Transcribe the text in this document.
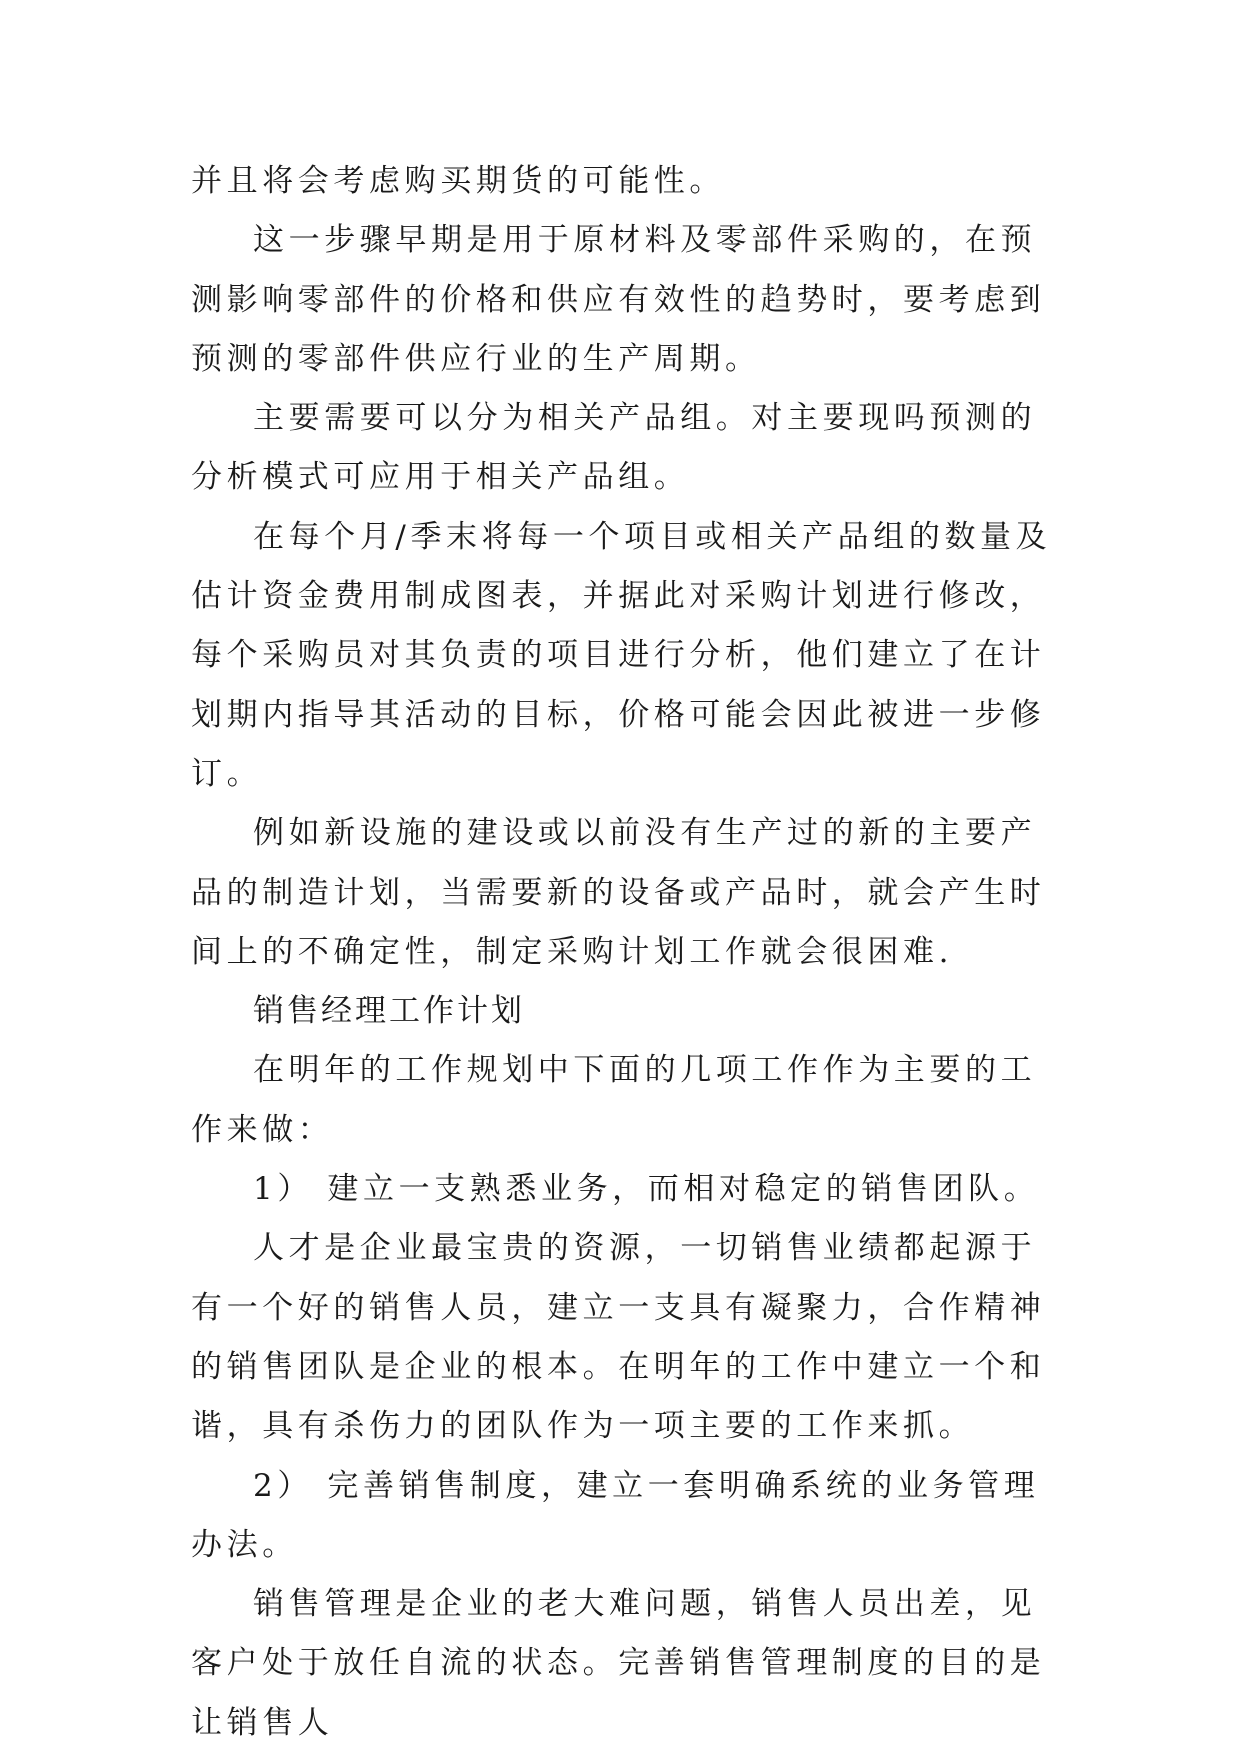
并且将会考虑购买期货的可能性。

这一步骤早期是用于原材料及零部件采购的，在预测影响零部件的价格和供应有效性的趋势时，要考虑到预测的零部件供应行业的生产周期。

主要需要可以分为相关产品组。对主要现吗预测的分析模式可应用于相关产品组。

在每个月/季末将每一个项目或相关产品组的数量及估计资金费用制成图表，并据此对采购计划进行修改，每个采购员对其负责的项目进行分析，他们建立了在计划期内指导其活动的目标，价格可能会因此被进一步修订。

例如新设施的建设或以前没有生产过的新的主要产品的制造计划，当需要新的设备或产品时，就会产生时间上的不确定性，制定采购计划工作就会很困难.

销售经理工作计划

在明年的工作规划中下面的几项工作作为主要的工作来做：

1） 建立一支熟悉业务，而相对稳定的销售团队。

人才是企业最宝贵的资源，一切销售业绩都起源于有一个好的销售人员，建立一支具有凝聚力，合作精神的销售团队是企业的根本。在明年的工作中建立一个和谐，具有杀伤力的团队作为一项主要的工作来抓。

2） 完善销售制度，建立一套明确系统的业务管理办法。

销售管理是企业的老大难问题，销售人员出差，见客户处于放任自流的状态。完善销售管理制度的目的是让销售人
